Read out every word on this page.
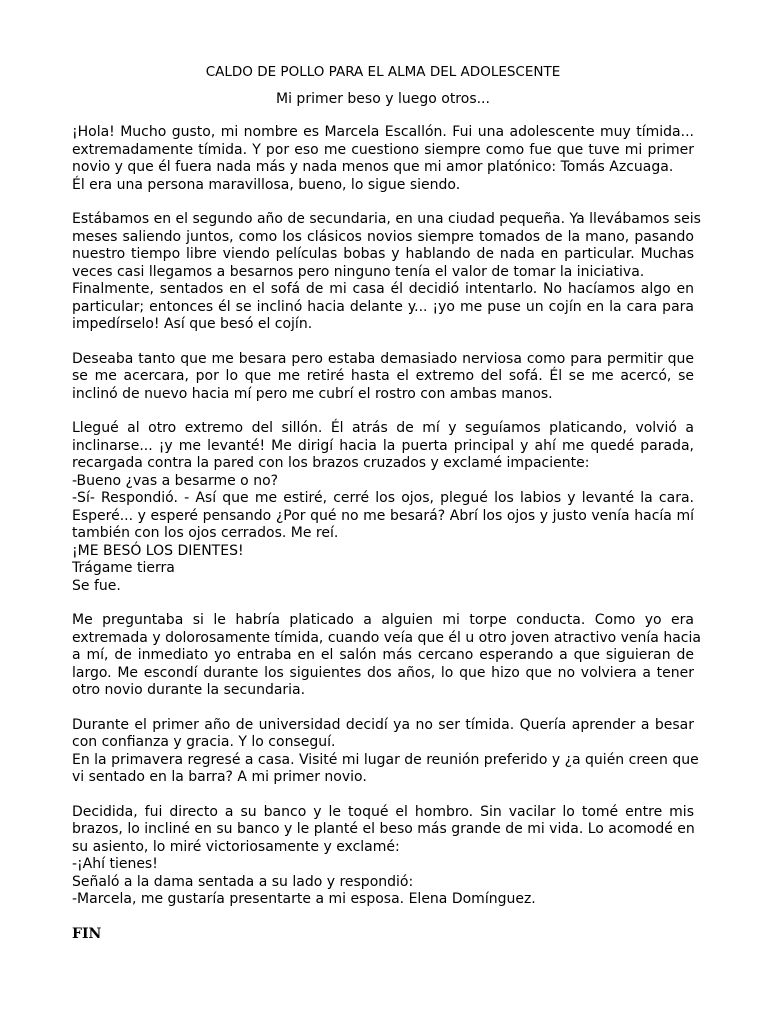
CALDO DE POLLO PARA EL ALMA DEL ADOLESCENTE
Mi primer beso y luego otros...
¡Hola! Mucho gusto, mi nombre es Marcela Escallón. Fui una adolescente muy tímida...
extremadamente tímida. Y por eso me cuestiono siempre como fue que tuve mi primer
novio y que él fuera nada más y nada menos que mi amor platónico: Tomás Azcuaga.
Él era una persona maravillosa, bueno, lo sigue siendo.
Estábamos en el segundo año de secundaria, en una ciudad pequeña. Ya llevábamos seis
meses saliendo juntos, como los clásicos novios siempre tomados de la mano, pasando
nuestro tiempo libre viendo películas bobas y hablando de nada en particular. Muchas
veces casi llegamos a besarnos pero ninguno tenía el valor de tomar la iniciativa.
Finalmente, sentados en el sofá de mi casa él decidió intentarlo. No hacíamos algo en
particular; entonces él se inclinó hacia delante y... ¡yo me puse un cojín en la cara para
impedírselo! Así que besó el cojín.
Deseaba tanto que me besara pero estaba demasiado nerviosa como para permitir que
se me acercara, por lo que me retiré hasta el extremo del sofá. Él se me acercó, se
inclinó de nuevo hacia mí pero me cubrí el rostro con ambas manos.
Llegué al otro extremo del sillón. Él atrás de mí y seguíamos platicando, volvió a
inclinarse... ¡y me levanté! Me dirigí hacia la puerta principal y ahí me quedé parada,
recargada contra la pared con los brazos cruzados y exclamé impaciente:
-Bueno ¿vas a besarme o no?
-Sí- Respondió. - Así que me estiré, cerré los ojos, plegué los labios y levanté la cara.
Esperé... y esperé pensando ¿Por qué no me besará? Abrí los ojos y justo venía hacía mí
también con los ojos cerrados. Me reí.
¡ME BESÓ LOS DIENTES!
Trágame tierra
Se fue.
Me preguntaba si le habría platicado a alguien mi torpe conducta. Como yo era
extremada y dolorosamente tímida, cuando veía que él u otro joven atractivo venía hacia
a mí, de inmediato yo entraba en el salón más cercano esperando a que siguieran de
largo. Me escondí durante los siguientes dos años, lo que hizo que no volviera a tener
otro novio durante la secundaria.
Durante el primer año de universidad decidí ya no ser tímida. Quería aprender a besar
con confianza y gracia. Y lo conseguí.
En la primavera regresé a casa. Visité mi lugar de reunión preferido y ¿a quién creen que
vi sentado en la barra? A mi primer novio.
Decidida, fui directo a su banco y le toqué el hombro. Sin vacilar lo tomé entre mis
brazos, lo incliné en su banco y le planté el beso más grande de mi vida. Lo acomodé en
su asiento, lo miré victoriosamente y exclamé:
-¡Ahí tienes!
Señaló a la dama sentada a su lado y respondió:
-Marcela, me gustaría presentarte a mi esposa. Elena Domínguez.
FIN
